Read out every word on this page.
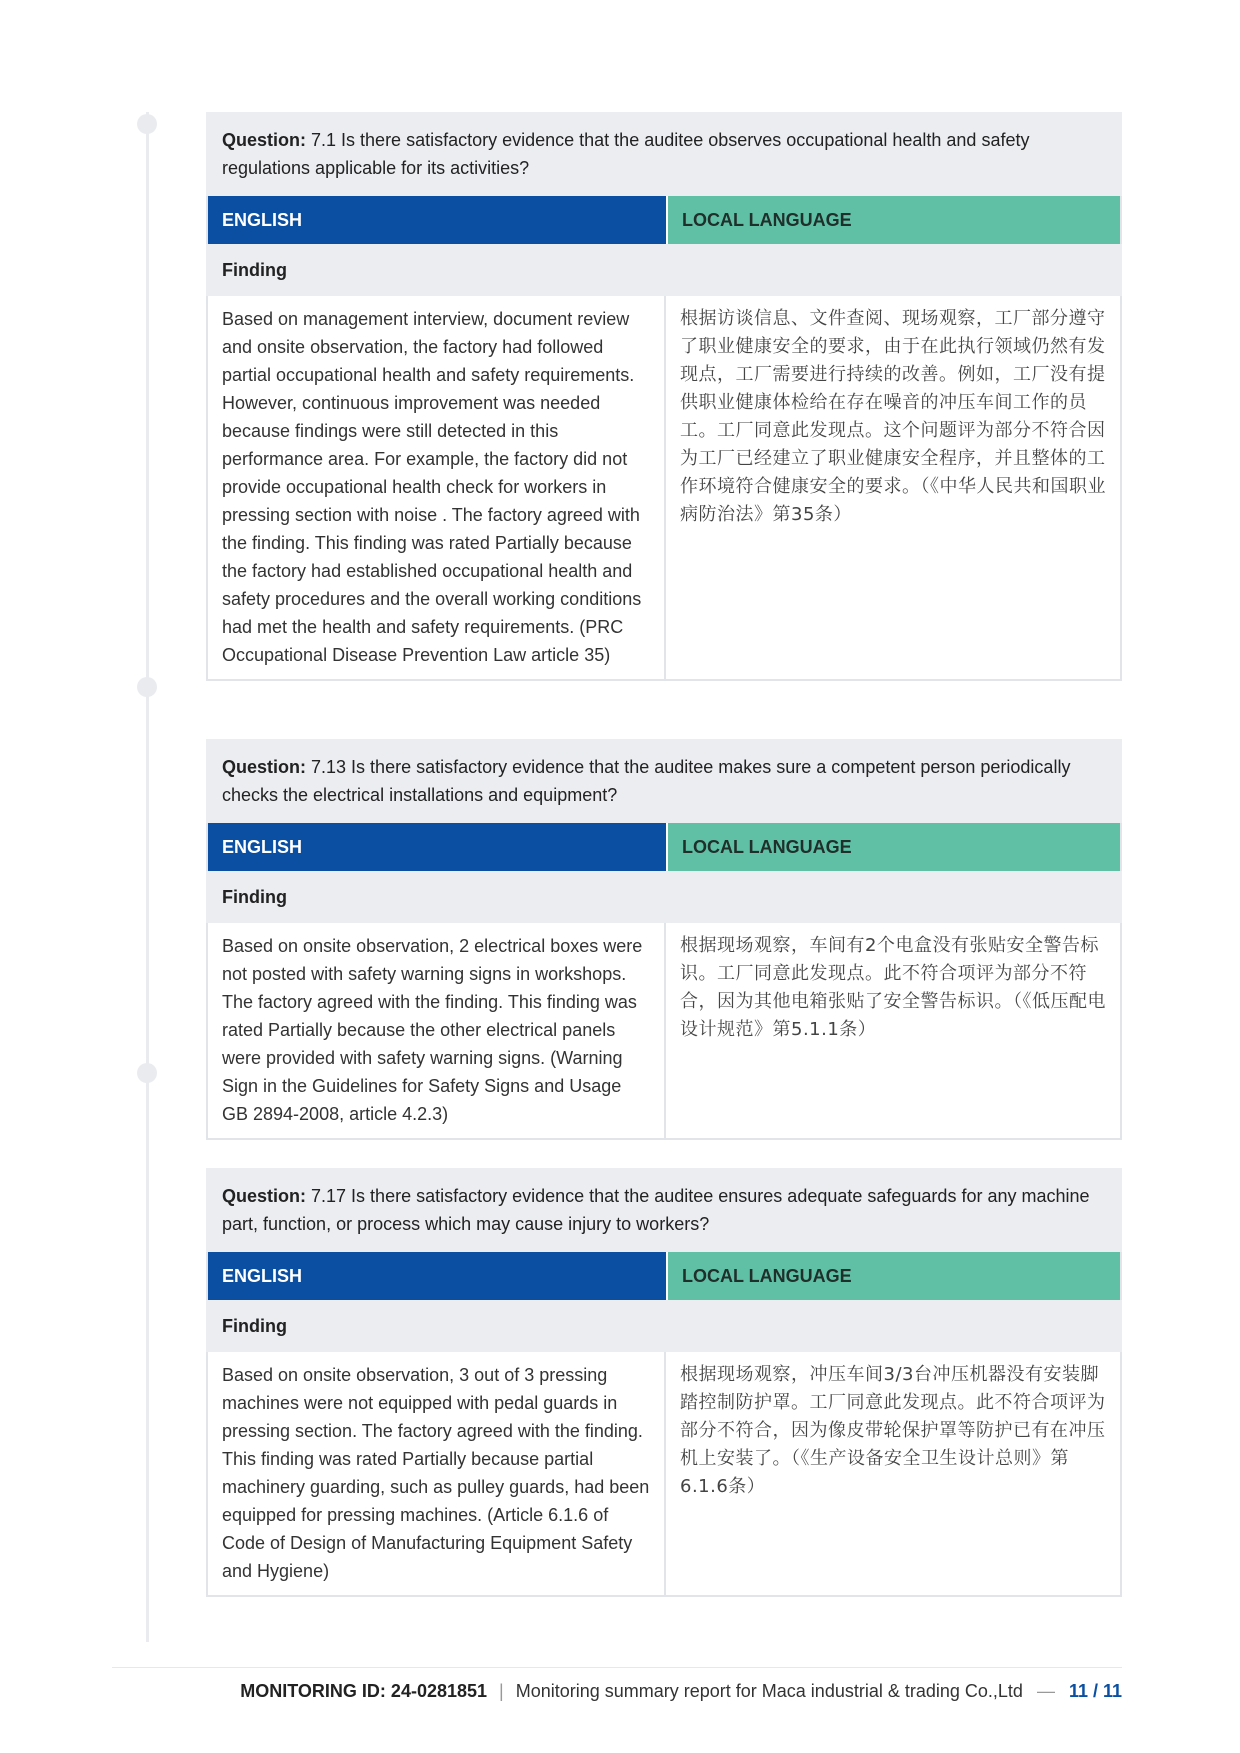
Question: 7.1 Is there satisfactory evidence that the auditee observes occupational health and safety regulations applicable for its activities?
ENGLISH	LOCAL LANGUAGE
Finding
Based on management interview, document review and onsite observation, the factory had followed partial occupational health and safety requirements. However, continuous improvement was needed because findings were still detected in this performance area. For example, the factory did not provide occupational health check for workers in pressing section with noise . The factory agreed with the finding. This finding was rated Partially because the factory had established occupational health and safety procedures and the overall working conditions had met the health and safety requirements. (PRC Occupational Disease Prevention Law article 35)
根据访谈信息、文件查阅、现场观察，工厂部分遵守了职业健康安全的要求，由于在此执行领域仍然有发现点，工厂需要进行持续的改善。例如，工厂没有提供职业健康体检给在存在噪音的冲压车间工作的员工。工厂同意此发现点。这个问题评为部分不符合因为工厂已经建立了职业健康安全程序，并且整体的工作环境符合健康安全的要求。（《中华人民共和国职业病防治法》第35条）
Question: 7.13 Is there satisfactory evidence that the auditee makes sure a competent person periodically checks the electrical installations and equipment?
ENGLISH	LOCAL LANGUAGE
Finding
Based on onsite observation, 2 electrical boxes were not posted with safety warning signs in workshops. The factory agreed with the finding. This finding was rated Partially because the other electrical panels were provided with safety warning signs. (Warning Sign in the Guidelines for Safety Signs and Usage GB 2894-2008, article 4.2.3)
根据现场观察，车间有2个电盒没有张贴安全警告标识。工厂同意此发现点。此不符合项评为部分不符合，因为其他电箱张贴了安全警告标识。（《低压配电设计规范》第5.1.1条）
Question: 7.17 Is there satisfactory evidence that the auditee ensures adequate safeguards for any machine part, function, or process which may cause injury to workers?
ENGLISH	LOCAL LANGUAGE
Finding
Based on onsite observation, 3 out of 3 pressing machines were not equipped with pedal guards in pressing section. The factory agreed with the finding. This finding was rated Partially because partial machinery guarding, such as pulley guards, had been equipped for pressing machines. (Article 6.1.6 of Code of Design of Manufacturing Equipment Safety and Hygiene)
根据现场观察，冲压车间3/3台冲压机器没有安装脚踏控制防护罩。工厂同意此发现点。此不符合项评为部分不符合，因为像皮带轮保护罩等防护已有在冲压机上安装了。（《生产设备安全卫生设计总则》第6.1.6条）
MONITORING ID: 24-0281851 | Monitoring summary report for Maca industrial & trading Co.,Ltd — 11 / 11
